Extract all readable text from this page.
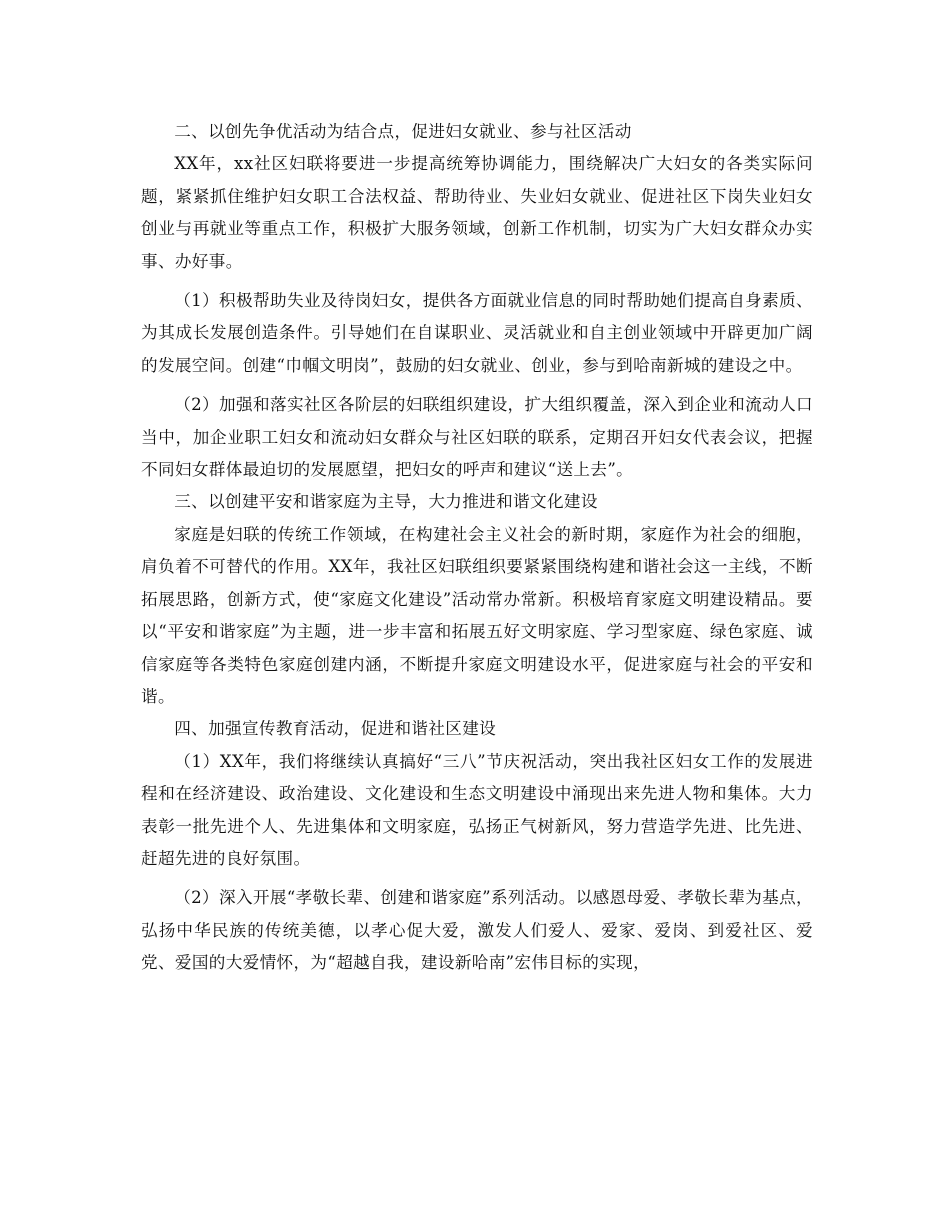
二、以创先争优活动为结合点，促进妇女就业、参与社区活动

XX年，xx社区妇联将要进一步提高统筹协调能力，围绕解决广大妇女的各类实际问题，紧紧抓住维护妇女职工合法权益、帮助待业、失业妇女就业、促进社区下岗失业妇女创业与再就业等重点工作，积极扩大服务领域，创新工作机制，切实为广大妇女群众办实事、办好事。

（1）积极帮助失业及待岗妇女，提供各方面就业信息的同时帮助她们提高自身素质、为其成长发展创造条件。引导她们在自谋职业、灵活就业和自主创业领域中开辟更加广阔的发展空间。创建“巾帼文明岗”，鼓励的妇女就业、创业，参与到哈南新城的建设之中。

（2）加强和落实社区各阶层的妇联组织建设，扩大组织覆盖，深入到企业和流动人口当中，加企业职工妇女和流动妇女群众与社区妇联的联系，定期召开妇女代表会议，把握不同妇女群体最迫切的发展愿望，把妇女的呼声和建议“送上去”。

三、以创建平安和谐家庭为主导，大力推进和谐文化建设

家庭是妇联的传统工作领域，在构建社会主义社会的新时期，家庭作为社会的细胞，肩负着不可替代的作用。XX年，我社区妇联组织要紧紧围绕构建和谐社会这一主线，不断拓展思路，创新方式，使“家庭文化建设”活动常办常新。积极培育家庭文明建设精品。要以“平安和谐家庭”为主题，进一步丰富和拓展五好文明家庭、学习型家庭、绿色家庭、诚信家庭等各类特色家庭创建内涵，不断提升家庭文明建设水平，促进家庭与社会的平安和谐。

四、加强宣传教育活动，促进和谐社区建设

（1）XX年，我们将继续认真搞好“三八”节庆祝活动，突出我社区妇女工作的发展进程和在经济建设、政治建设、文化建设和生态文明建设中涌现出来先进人物和集体。大力表彰一批先进个人、先进集体和文明家庭，弘扬正气树新风，努力营造学先进、比先进、赶超先进的良好氛围。

（2）深入开展“孝敬长辈、创建和谐家庭”系列活动。以感恩母爱、孝敬长辈为基点，弘扬中华民族的传统美德，以孝心促大爱，激发人们爱人、爱家、爱岗、到爱社区、爱党、爱国的大爱情怀，为“超越自我，建设新哈南”宏伟目标的实现，
